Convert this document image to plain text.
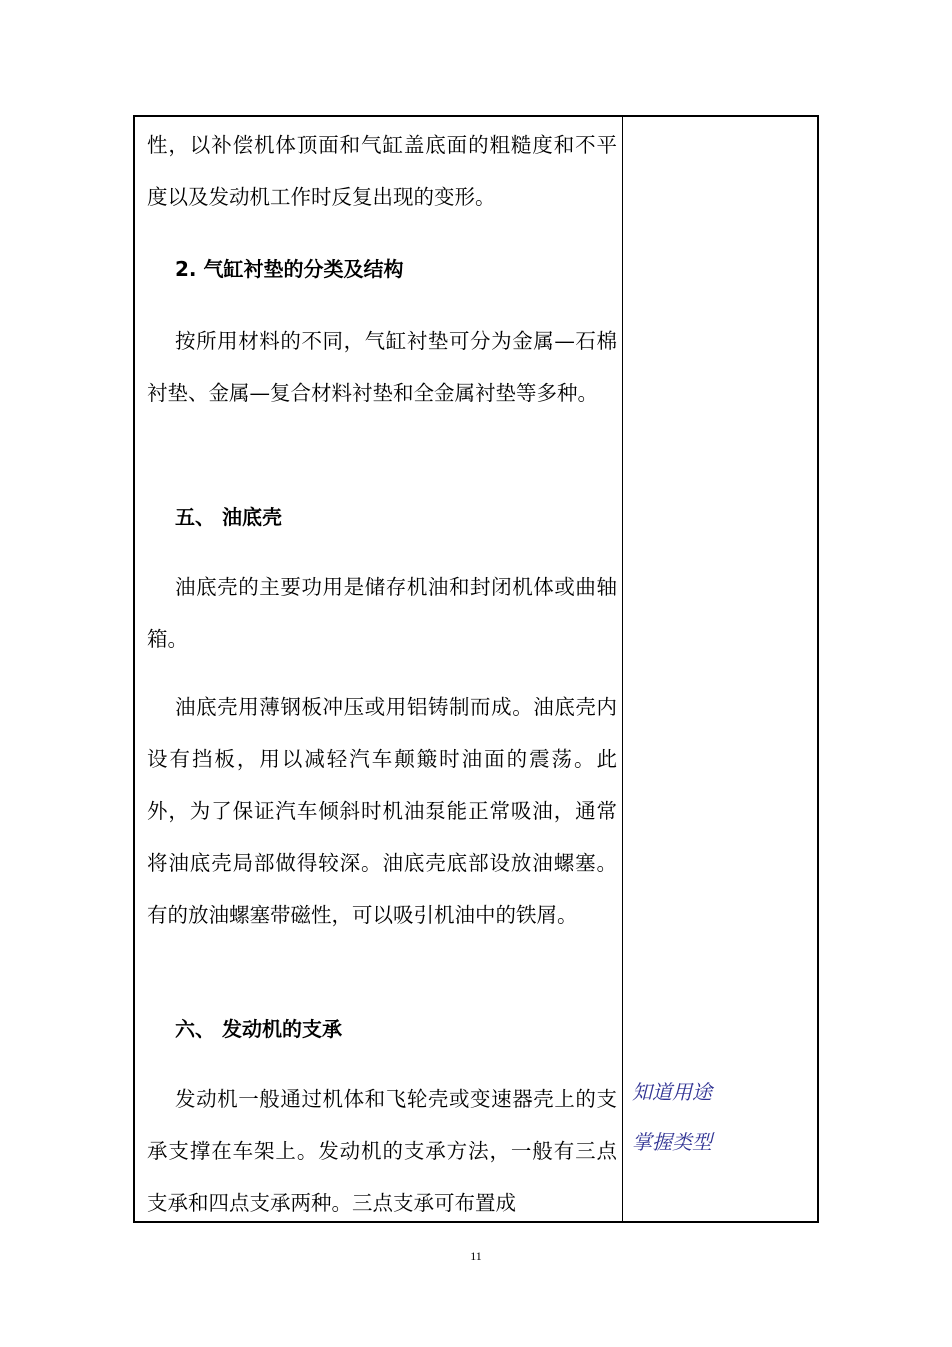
性，以补偿机体顶面和气缸盖底面的粗糙度和不平度以及发动机工作时反复出现的变形。
2. 气缸衬垫的分类及结构
按所用材料的不同，气缸衬垫可分为金属—石棉衬垫、金属—复合材料衬垫和全金属衬垫等多种。
五、 油底壳
油底壳的主要功用是储存机油和封闭机体或曲轴箱。
油底壳用薄钢板冲压或用铝铸制而成。油底壳内设有挡板，用以减轻汽车颠簸时油面的震荡。此外，为了保证汽车倾斜时机油泵能正常吸油，通常将油底壳局部做得较深。油底壳底部设放油螺塞。有的放油螺塞带磁性，可以吸引机油中的铁屑。
六、 发动机的支承
发动机一般通过机体和飞轮壳或变速器壳上的支承支撑在车架上。发动机的支承方法，一般有三点支承和四点支承两种。三点支承可布置成
知道用途
掌握类型
11
